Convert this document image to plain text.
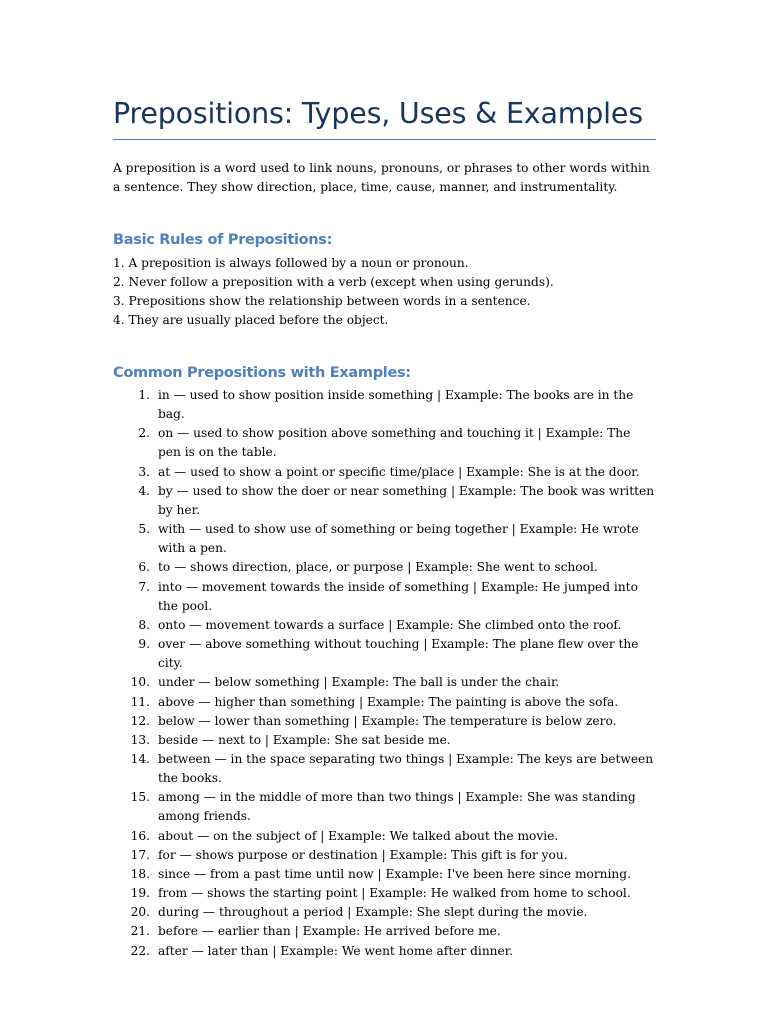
Prepositions: Types, Uses & Examples

A preposition is a word used to link nouns, pronouns, or phrases to other words within a sentence. They show direction, place, time, cause, manner, and instrumentality.

Basic Rules of Prepositions:
1. A preposition is always followed by a noun or pronoun.
2. Never follow a preposition with a verb (except when using gerunds).
3. Prepositions show the relationship between words in a sentence.
4. They are usually placed before the object.
Common Prepositions with Examples:
1. in — used to show position inside something | Example: The books are in the bag.
2. on — used to show position above something and touching it | Example: The pen is on the table.
3. at — used to show a point or specific time/place | Example: She is at the door.
4. by — used to show the doer or near something | Example: The book was written by her.
5. with — used to show use of something or being together | Example: He wrote with a pen.
6. to — shows direction, place, or purpose | Example: She went to school.
7. into — movement towards the inside of something | Example: He jumped into the pool.
8. onto — movement towards a surface | Example: She climbed onto the roof.
9. over — above something without touching | Example: The plane flew over the city.
10. under — below something | Example: The ball is under the chair.
11. above — higher than something | Example: The painting is above the sofa.
12. below — lower than something | Example: The temperature is below zero.
13. beside — next to | Example: She sat beside me.
14. between — in the space separating two things | Example: The keys are between the books.
15. among — in the middle of more than two things | Example: She was standing among friends.
16. about — on the subject of | Example: We talked about the movie.
17. for — shows purpose or destination | Example: This gift is for you.
18. since — from a past time until now | Example: I've been here since morning.
19. from — shows the starting point | Example: He walked from home to school.
20. during — throughout a period | Example: She slept during the movie.
21. before — earlier than | Example: He arrived before me.
22. after — later than | Example: We went home after dinner.
